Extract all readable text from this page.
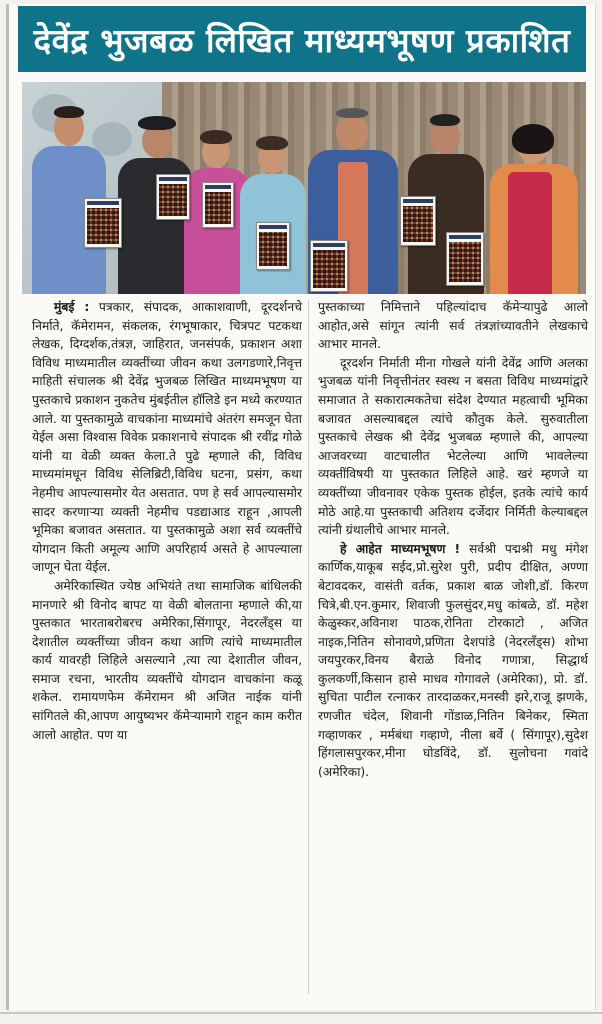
देवेंद्र भुजबळ लिखित माध्यमभूषण प्रकाशित

मुंबई : पत्रकार, संपादक, आकाशवाणी, दूरदर्शनचे निर्माते, कॅमेरामन, संकलक, रंगभूषाकार, चित्रपट पटकथा लेखक, दिग्दर्शक,तंत्रज्ञ, जाहिरात, जनसंपर्क, प्रकाशन अशा विविध माध्यमातील व्यक्तींच्या जीवन कथा उलगडणारे,निवृत्त माहिती संचालक श्री देवेंद्र भुजबळ लिखित माध्यमभूषण या पुस्तकाचे प्रकाशन नुकतेच मुंबईतील हॉलिडे इन मध्ये करण्यात आले. या पुस्तकामुळे वाचकांना माध्यमांचे अंतरंग समजून घेता येईल असा विश्वास विवेक प्रकाशनाचे संपादक श्री रवींद्र गोळे यांनी या वेळी व्यक्त केला.ते पुढे म्हणाले की, विविध माध्यमांमधून विविध सेलिब्रिटी,विविध घटना, प्रसंग, कथा नेहमीच आपल्यासमोर येत असतात. पण हे सर्व आपल्यासमोर सादर करणाऱ्या व्यक्ती नेहमीच पडद्याआड राहून ,आपली भूमिका बजावत असतात. या पुस्तकामुळे अशा सर्व व्यक्तींचे योगदान किती अमूल्य आणि अपरिहार्य असते हे आपल्याला जाणून घेता येईल.

अमेरिकास्थित ज्येष्ठ अभियंते तथा सामाजिक बांधिलकी मानणारे श्री विनोद बापट या वेळी बोलताना म्हणाले की,या पुस्तकात भारताबरोबरच अमेरिका,सिंगापूर, नेदरलँड्स या देशातील व्यक्तींच्या जीवन कथा आणि त्यांचे माध्यमातील कार्य यावरही लिहिले असल्याने ,त्या त्या देशातील जीवन, समाज रचना, भारतीय व्यक्तींचे योगदान वाचकांना कळू शकेल. रामायणफेम कॅमेरामन श्री अजित नाईक यांनी सांगितले की,आपण आयुष्यभर कॅमेऱ्यामागे राहून काम करीत आलो आहोत. पण या

पुस्तकाच्या निमित्ताने पहिल्यांदाच कॅमेऱ्यापुढे आलो आहोत,असे सांगून त्यांनी सर्व तंत्रज्ञांच्यावतीने लेखकाचे आभार मानले.

दूरदर्शन निर्माती मीना गोखले यांनी देवेंद्र आणि अलका भुजबळ यांनी निवृत्तीनंतर स्वस्थ न बसता विविध माध्यमांद्वारे समाजात ते सकारात्मकतेचा संदेश देण्यात महत्वाची भूमिका बजावत असल्याबद्दल त्यांचे कौतुक केले. सुरुवातीला पुस्तकाचे लेखक श्री देवेंद्र भुजबळ म्हणाले की, आपल्या आजवरच्या वाटचालीत भेटलेल्या आणि भावलेल्या व्यक्तींविषयी या पुस्तकात लिहिले आहे. खरं म्हणजे या व्यक्तींच्या जीवनावर एकेक पुस्तक होईल, इतके त्यांचे कार्य मोठे आहे.या पुस्तकाची अतिशय दर्जेदार निर्मिती केल्याबद्दल त्यांनी ग्रंथालीचे आभार मानले.

हे आहेत माध्यमभूषण ! सर्वश्री पद्मश्री मधु मंगेश कार्णिक,याकूब सईद,प्रो.सुरेश पुरी, प्रदीप दीक्षित, अण्णा बेटावदकर, वासंती वर्तक, प्रकाश बाळ जोशी,डॉ. किरण चित्रे,बी.एन.कुमार, शिवाजी फुलसुंदर,मधु कांबळे, डॉ. महेश केळुस्कर,अविनाश पाठक,रोनिता टोरकाटो , अजित नाइक,नितिन सोनावणे,प्रणिता देशपांडे (नेदरलँड्स) शोभा जयपुरकर,विनय बैराळे विनोद गणात्रा, सिद्धार्थ कुलकर्णी,किसान हासे माधव गोगावले (अमेरिका), प्रो. डॉ. सुचिता पाटील रत्नाकर तारदाळकर,मनस्वी झरे,राजू झणके, रणजीत चंदेल, शिवानी गोंडाळ,नितिन बिनेकर, स्मिता गव्हाणकर , मर्मबंधा गव्हाणे, नीला बर्वे ( सिंगापूर),सुदेश हिंगलासपुरकर,मीना घोडविंदे, डॉ. सुलोचना गवांदे (अमेरिका).
